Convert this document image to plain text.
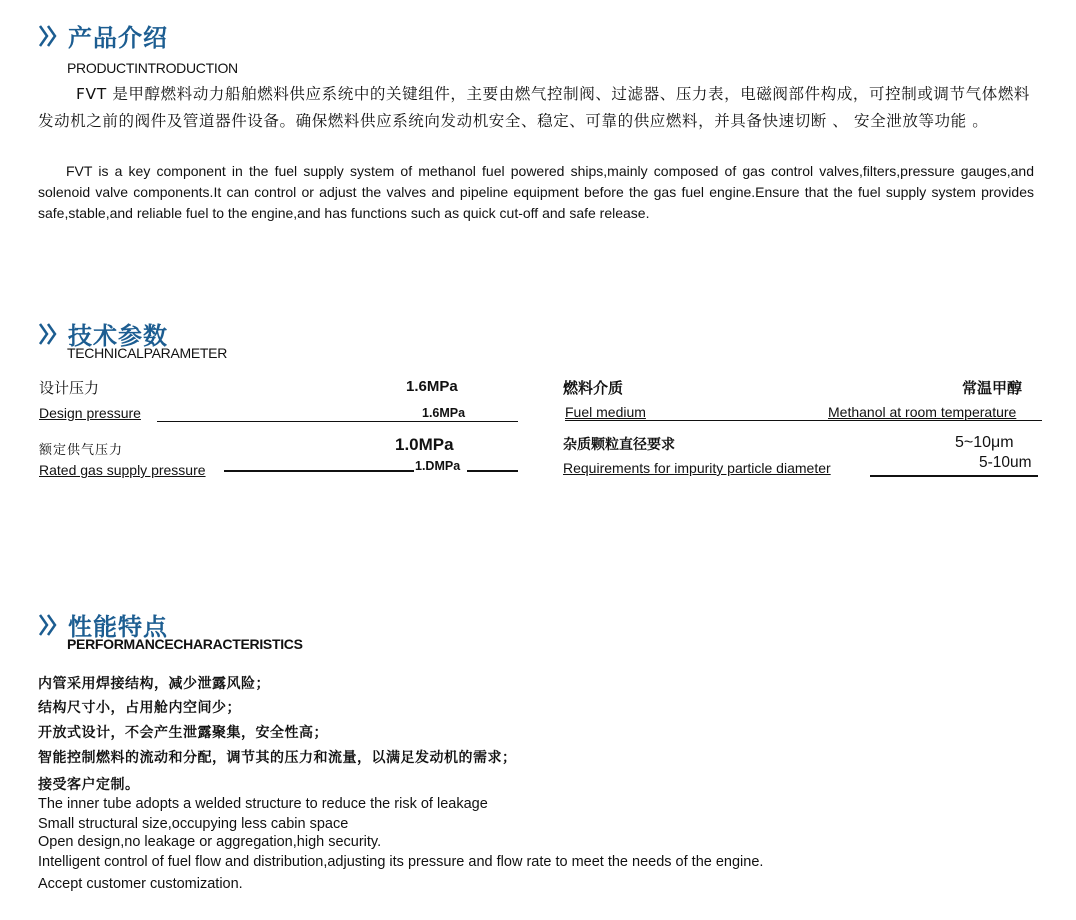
产品介绍
PRODUCTINTRODUCTION
FVT 是甲醇燃料动力船舶燃料供应系统中的关键组件，主要由燃气控制阀、过滤器、压力表，电磁阀部件构成，可控制或调节气体燃料发动机之前的阀件及管道器件设备。确保燃料供应系统向发动机安全、稳定、可靠的供应燃料，并具备快速切断 、 安全泄放等功能 。
FVT is a key component in the fuel supply system of methanol fuel powered ships,mainly composed of gas control valves,filters,pressure gauges,and solenoid valve components.It can control or adjust the valves and pipeline equipment before the gas fuel engine.Ensure that the fuel supply system provides safe,stable,and reliable fuel to the engine,and has functions such as quick cut-off and safe release.
技术参数
TECHNICALPARAMETER
设计压力	1.6MPa
Design pressure	1.6MPa
额定供气压力	1.0MPa
Rated gas supply pressure	1.DMPa
燃料介质	常温甲醇
Fuel medium	Methanol at room temperature
杂质颗粒直径要求	5~10μm
Requirements for impurity particle diameter	5-10um
性能特点
PERFORMANCECHARACTERISTICS
内管采用焊接结构，减少泄露风险；
结构尺寸小，占用舱内空间少；
开放式设计，不会产生泄露聚集，安全性高；
智能控制燃料的流动和分配，调节其的压力和流量，以满足发动机的需求；
接受客户定制。
The inner tube adopts a welded structure to reduce the risk of leakage
Small structural size,occupying less cabin space
Open design,no leakage or aggregation,high security.
Intelligent control of fuel flow and distribution,adjusting its pressure and flow rate to meet the needs of the engine.
Accept customer customization.
